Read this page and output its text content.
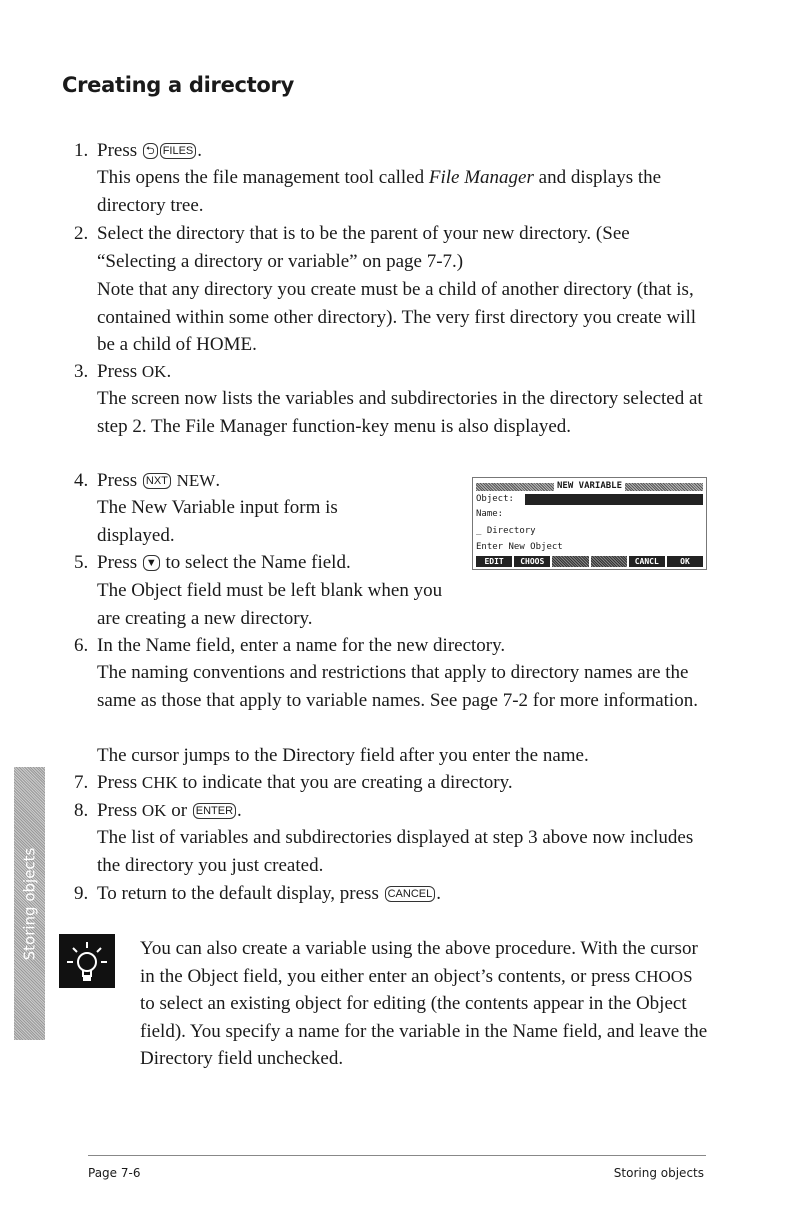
Creating a directory
1. Press ⮌ FILES .
This opens the file management tool called File Manager and displays the directory tree.
2. Select the directory that is to be the parent of your new directory. (See “Selecting a directory or variable” on page 7-7.)
Note that any directory you create must be a child of another directory (that is, contained within some other directory). The very first directory you create will be a child of HOME.
3. Press OK.
The screen now lists the variables and subdirectories in the directory selected at step 2. The File Manager function-key menu is also displayed.
4. Press NXT NEW.
The New Variable input form is displayed.
5. Press ▼ to select the Name field.
The Object field must be left blank when you are creating a new directory.
NEW VARIABLE
Object:
Name:
_ Directory
Enter New Object
EDIT	CHOOS	CANCL	OK
6. In the Name field, enter a name for the new directory.
The naming conventions and restrictions that apply to directory names are the same as those that apply to variable names. See page 7-2 for more information.
The cursor jumps to the Directory field after you enter the name.
7. Press CHK to indicate that you are creating a directory.
8. Press OK or ENTER .
The list of variables and subdirectories displayed at step 3 above now includes the directory you just created.
9. To return to the default display, press CANCEL .
You can also create a variable using the above procedure. With the cursor in the Object field, you either enter an object’s contents, or press CHOOS to select an existing object for editing (the contents appear in the Object field). You specify a name for the variable in the Name field, and leave the Directory field unchecked.
Storing objects
Page 7-6	Storing objects
